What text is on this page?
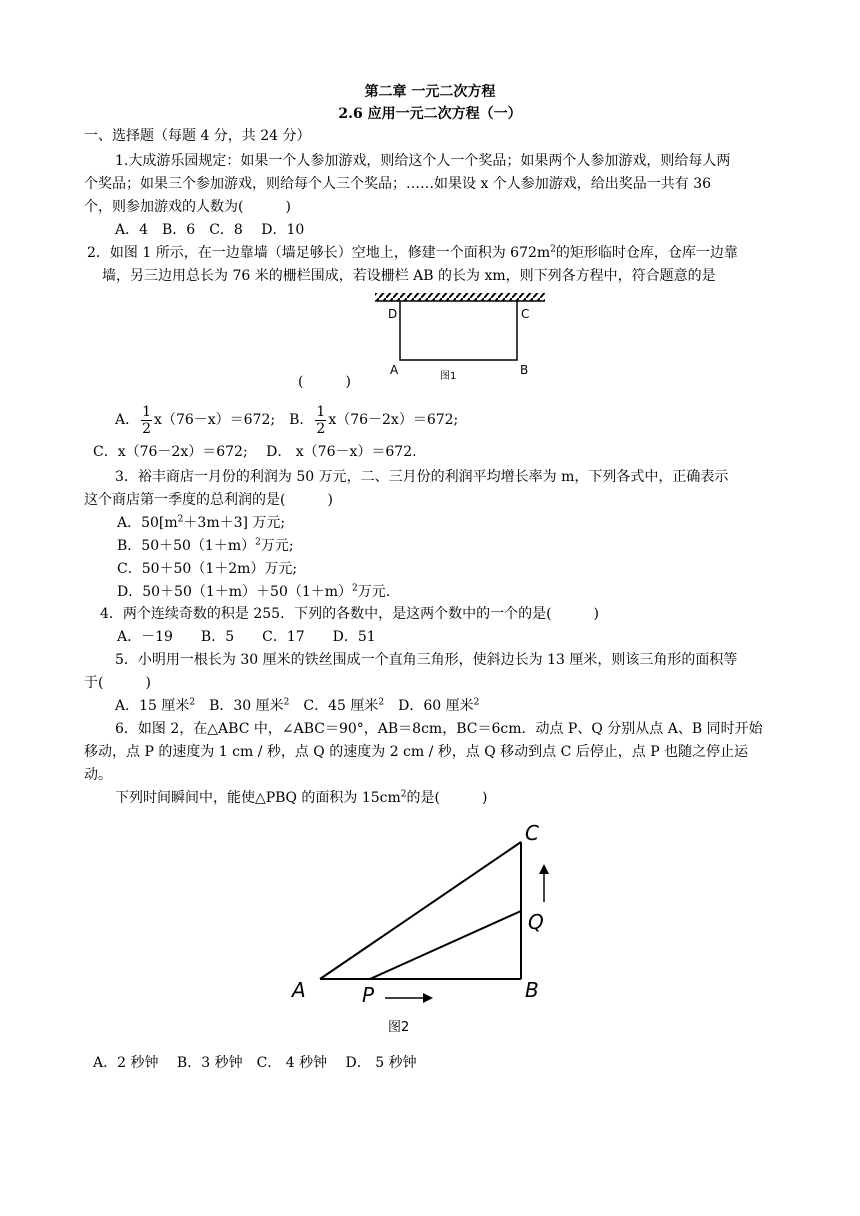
第二章 一元二次方程
2.6 应用一元二次方程（一）
一、选择题（每题 4 分，共 24 分）
1.大成游乐园规定：如果一个人参加游戏，则给这个人一个奖品；如果两个人参加游戏，则给每人两
个奖品；如果三个参加游戏，则给每个人三个奖品；……如果设 x 个人参加游戏，给出奖品一共有 36
个，则参加游戏的人数为(　　　)
A．4　B．6　C．8　 D．10
2．如图 1 所示，在一边靠墙（墙足够长）空地上，修建一个面积为 $672m^2$的矩形临时仓库，仓库一边靠
墙，另三边用总长为 76 米的栅栏围成，若设栅栏 AB 的长为 xm，则下列各方程中，符合题意的是
D	C
A	B
图1
(　　　)
A． $\frac{1}{2} x(76-x)=672$;　B． $\frac{1}{2} x(76-2x)=672$;
C．x（76－2x）＝672;　 D． x（76－x）＝672.
3．裕丰商店一月份的利润为 50 万元，二、三月份的利润平均增长率为 m，下列各式中，正确表示
这个商店第一季度的总利润的是(　　　)
A．$50[m^2+3m+3]$ 万元;
B．$50+50(1+m)^2$万元;
C．50＋50（1＋2m）万元;
D．$50+50(1+m)+50(1+m)^2$万元.
4．两个连续奇数的积是 255．下列的各数中，是这两个数中的一个的是(　　　)
A．－19　　B．5　　C．17　　D．51
5．小明用一根长为 30 厘米的铁丝围成一个直角三角形，使斜边长为 13 厘米，则该三角形的面积等
于(　　　)
A．15 厘米$^2$　B．30 厘米$^2$　C．45 厘米$^2$　D．60 厘米$^2$
6．如图 2，在△ABC 中，∠ABC＝90°，AB＝8cm，BC＝6cm．动点 P、Q 分别从点 A、B 同时开始
移动，点 P 的速度为 1 cm / 秒，点 Q 的速度为 2 cm / 秒，点 Q 移动到点 C 后停止，点 P 也随之停止运
动。
下列时间瞬间中，能使△PBQ 的面积为 $15cm^2$的是(　　　)
A	B
C
P
Q
图2
A．2 秒钟　 B．3 秒钟　C． 4 秒钟　 D． 5 秒钟
